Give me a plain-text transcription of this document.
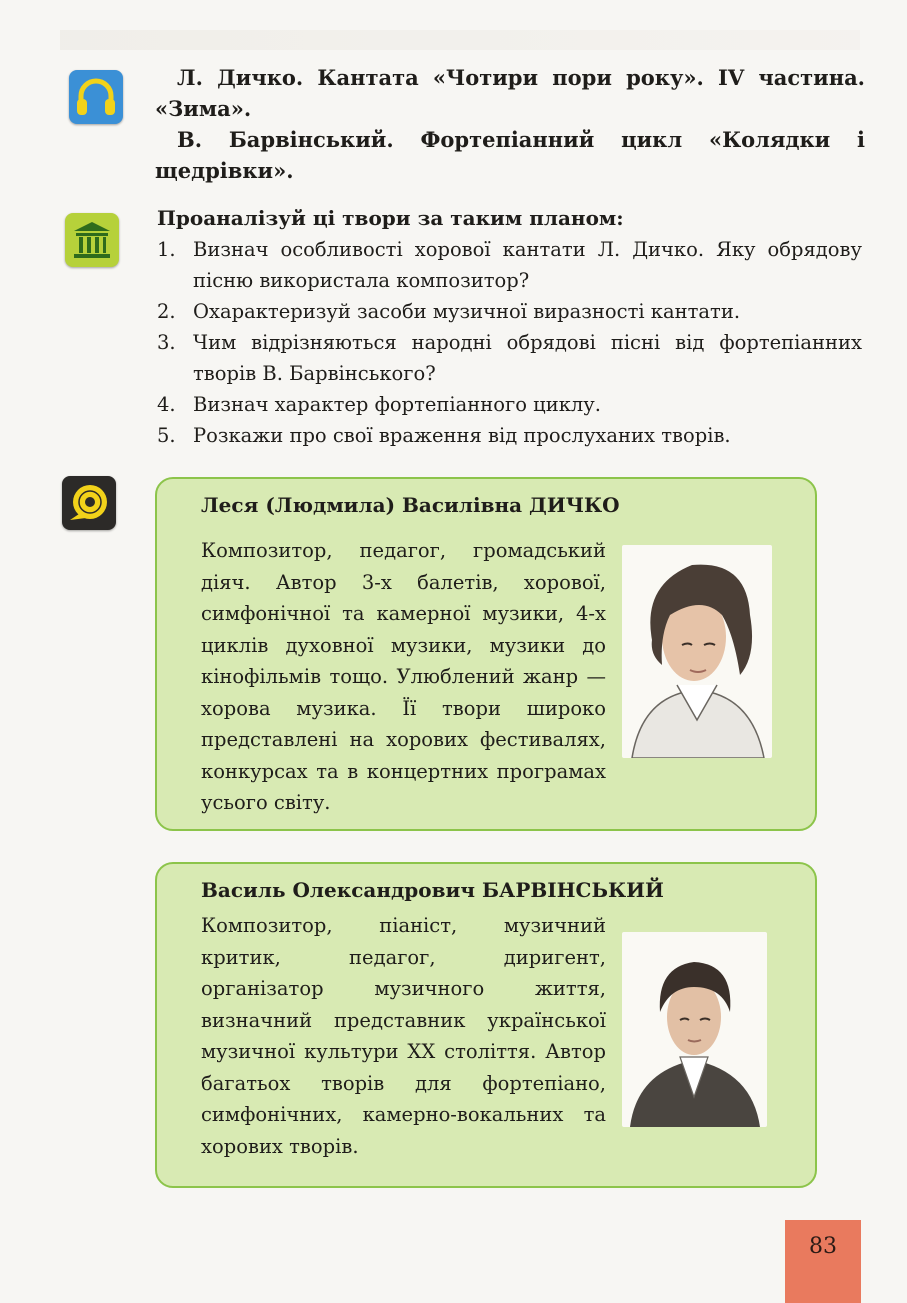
Л. Дичко. Кантата «Чотири пори року». IV частина. «Зима».

В. Барвінський. Фортепіанний цикл «Колядки і щедрівки».

Проаналізуй ці твори за таким планом:

1. Визнач особливості хорової кантати Л. Дичко. Яку обрядову пісню використала композитор?
2. Охарактеризуй засоби музичної виразності кантати.
3. Чим відрізняються народні обрядові пісні від фортепіанних творів В. Барвінського?
4. Визнач характер фортепіанного циклу.
5. Розкажи про свої враження від прослуханих творів.

Леся (Людмила) Василівна ДИЧКО

Композитор, педагог, громадський діяч. Автор 3-х балетів, хорової, симфонічної та камерної музики, 4-х циклів духовної музики, музики до кінофільмів тощо. Улюблений жанр — хорова музика. Її твори широко представлені на хорових фестивалях, конкурсах та в концертних програмах усього світу.

Василь Олександрович БАРВІНСЬКИЙ

Композитор, піаніст, музичний критик, педагог, диригент, організатор музичного життя, визначний представник української музичної культури XX століття. Автор багатьох творів для фортепіано, симфонічних, камерно-вокальних та хорових творів.

83
